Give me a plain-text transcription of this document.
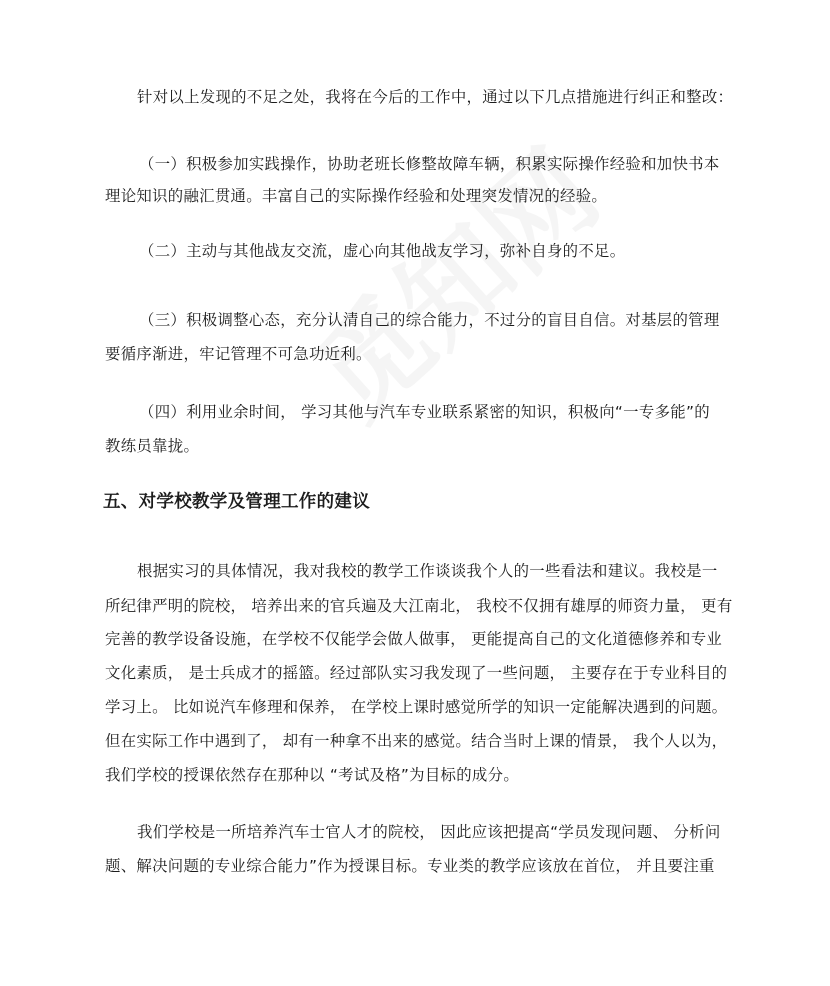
针对以上发现的不足之处，我将在今后的工作中，通过以下几点措施进行纠正和整改：
（一）积极参加实践操作，协助老班长修整故障车辆，积累实际操作经验和加快书本
理论知识的融汇贯通。丰富自己的实际操作经验和处理突发情况的经验。
（二）主动与其他战友交流，虚心向其他战友学习，弥补自身的不足。
（三）积极调整心态，充分认清自己的综合能力，不过分的盲目自信。对基层的管理
要循序渐进，牢记管理不可急功近利。
（四）利用业余时间， 学习其他与汽车专业联系紧密的知识，积极向“一专多能”的
教练员靠拢。
五、对学校教学及管理工作的建议
根据实习的具体情况，我对我校的教学工作谈谈我个人的一些看法和建议。我校是一
所纪律严明的院校， 培养出来的官兵遍及大江南北， 我校不仅拥有雄厚的师资力量， 更有
完善的教学设备设施，在学校不仅能学会做人做事， 更能提高自己的文化道德修养和专业
文化素质， 是士兵成才的摇篮。经过部队实习我发现了一些问题， 主要存在于专业科目的
学习上。 比如说汽车修理和保养， 在学校上课时感觉所学的知识一定能解决遇到的问题。
但在实际工作中遇到了， 却有一种拿不出来的感觉。结合当时上课的情景， 我个人以为，
我们学校的授课依然存在那种以 “考试及格”为目标的成分。
我们学校是一所培养汽车士官人才的院校， 因此应该把提高“学员发现问题、 分析问
题、解决问题的专业综合能力”作为授课目标。专业类的教学应该放在首位， 并且要注重
